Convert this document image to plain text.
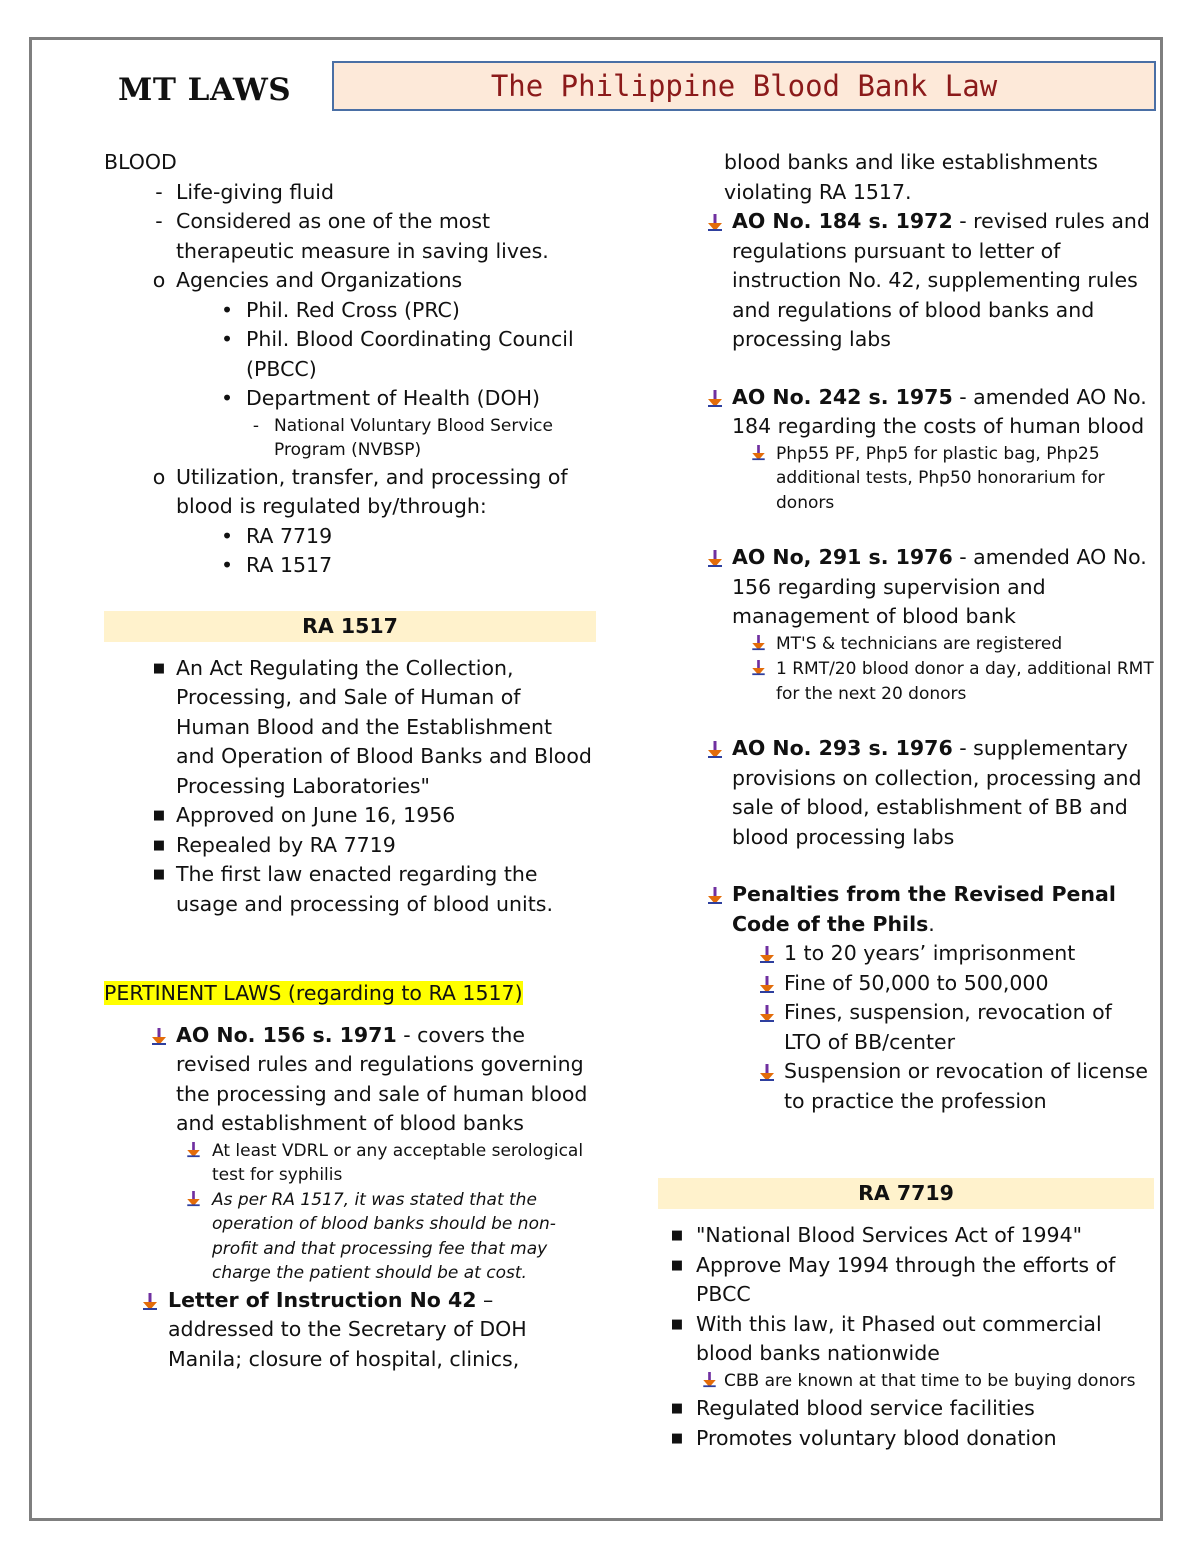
MT LAWS	The Philippine Blood Bank Law
BLOOD
- Life-giving fluid
- Considered as one of the most therapeutic measure in saving lives.
o Agencies and Organizations
• Phil. Red Cross (PRC)
• Phil. Blood Coordinating Council (PBCC)
• Department of Health (DOH)
- National Voluntary Blood Service Program (NVBSP)
o Utilization, transfer, and processing of blood is regulated by/through:
• RA 7719
• RA 1517
RA 1517
■ An Act Regulating the Collection, Processing, and Sale of Human of Human Blood and the Establishment and Operation of Blood Banks and Blood Processing Laboratories"
■ Approved on June 16, 1956
■ Repealed by RA 7719
■ The first law enacted regarding the usage and processing of blood units.
PERTINENT LAWS (regarding to RA 1517)
AO No. 156 s. 1971 - covers the revised rules and regulations governing the processing and sale of human blood and establishment of blood banks
At least VDRL or any acceptable serological test for syphilis
As per RA 1517, it was stated that the operation of blood banks should be non-profit and that processing fee that may charge the patient should be at cost.
Letter of Instruction No 42 – addressed to the Secretary of DOH Manila; closure of hospital, clinics,
blood banks and like establishments violating RA 1517.
AO No. 184 s. 1972 - revised rules and regulations pursuant to letter of instruction No. 42, supplementing rules and regulations of blood banks and processing labs
AO No. 242 s. 1975 - amended AO No. 184 regarding the costs of human blood
Php55 PF, Php5 for plastic bag, Php25 additional tests, Php50 honorarium for donors
AO No, 291 s. 1976 - amended AO No. 156 regarding supervision and management of blood bank
MT'S & technicians are registered
1 RMT/20 blood donor a day, additional RMT for the next 20 donors
AO No. 293 s. 1976 - supplementary provisions on collection, processing and sale of blood, establishment of BB and blood processing labs
Penalties from the Revised Penal Code of the Phils.
1 to 20 years’ imprisonment
Fine of 50,000 to 500,000
Fines, suspension, revocation of LTO of BB/center
Suspension or revocation of license to practice the profession
RA 7719
■ "National Blood Services Act of 1994"
■ Approve May 1994 through the efforts of PBCC
■ With this law, it Phased out commercial blood banks nationwide
CBB are known at that time to be buying donors
■ Regulated blood service facilities
■ Promotes voluntary blood donation
